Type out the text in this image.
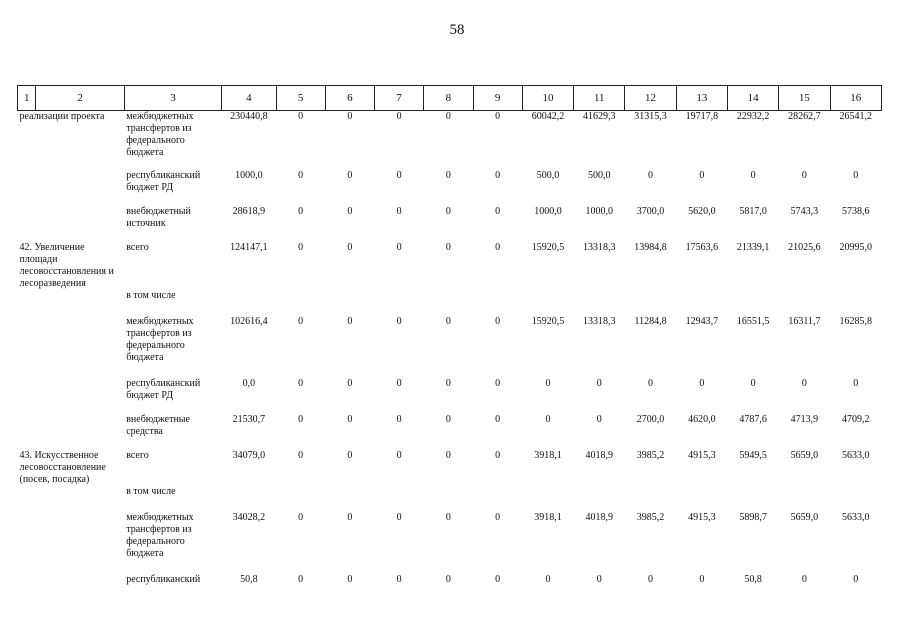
58
1	2	3	4	5	6	7	8	9	10	11	12	13	14	15	16
реализации проекта		межбюджетных трансфертов из федерального бюджета	230440,8	0	0	0	0	0	60042,2	41629,3	31315,3	19717,8	22932,2	28262,7	26541,2
		республиканский бюджет РД	1000,0	0	0	0	0	0	500,0	500,0	0	0	0	0	0
		внебюджетный источник	28618,9	0	0	0	0	0	1000,0	1000,0	3700,0	5620,0	5817,0	5743,3	5738,6
42. Увеличение площади лесовосстановления и лесоразведения		всего	124147,1	0	0	0	0	0	15920,5	13318,3	13984,8	17563,6	21339,1	21025,6	20995,0
		в том числе													
		межбюджетных трансфертов из федерального бюджета	102616,4	0	0	0	0	0	15920,5	13318,3	11284,8	12943,7	16551,5	16311,7	16285,8
		республиканский бюджет РД	0,0	0	0	0	0	0	0	0	0	0	0	0	0
		внебюджетные средства	21530,7	0	0	0	0	0	0	0	2700,0	4620,0	4787,6	4713,9	4709,2
43. Искусственное лесовосстановление (посев, посадка)		всего	34079,0	0	0	0	0	0	3918,1	4018,9	3985,2	4915,3	5949,5	5659,0	5633,0
		в том числе													
		межбюджетных трансфертов из федерального бюджета	34028,2	0	0	0	0	0	3918,1	4018,9	3985,2	4915,3	5898,7	5659,0	5633,0
		республиканский	50,8	0	0	0	0	0	0	0	0	0	50,8	0	0
